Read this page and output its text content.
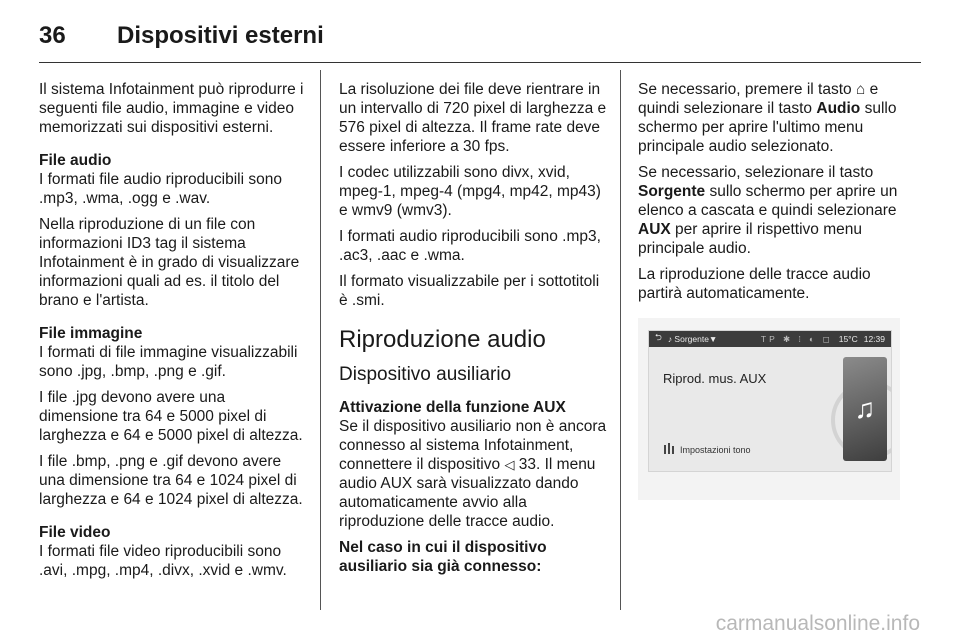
36	Dispositivi esterni

Il sistema Infotainment può riprodurre i seguenti file audio, immagine e video memorizzati sui dispositivi esterni.

File audio
I formati file audio riproducibili sono .mp3, .wma, .ogg e .wav.

Nella riproduzione di un file con informazioni ID3 tag il sistema Infotainment è in grado di visualizzare informazioni quali ad es. il titolo del brano e l'artista.

File immagine
I formati di file immagine visualizzabili sono .jpg, .bmp, .png e .gif.

I file .jpg devono avere una dimensione tra 64 e 5000 pixel di larghezza e 64 e 5000 pixel di altezza.

I file .bmp, .png e .gif devono avere una dimensione tra 64 e 1024 pixel di larghezza e 64 e 1024 pixel di altezza.

File video
I formati file video riproducibili sono .avi, .mpg, .mp4, .divx, .xvid e .wmv.

La risoluzione dei file deve rientrare in un intervallo di 720 pixel di larghezza e 576 pixel di altezza. Il frame rate deve essere inferiore a 30 fps.

I codec utilizzabili sono divx, xvid, mpeg-1, mpeg-4 (mpg4, mp42, mp43) e wmv9 (wmv3).

I formati audio riproducibili sono .mp3, .ac3, .aac e .wma.

Il formato visualizzabile per i sottotitoli è .smi.

Riproduzione audio
Dispositivo ausiliario

Attivazione della funzione AUX
Se il dispositivo ausiliario non è ancora connesso al sistema Infotainment, connettere il dispositivo ◁ 33. Il menu audio AUX sarà visualizzato dando automaticamente avvio alla riproduzione delle tracce audio.

Nel caso in cui il dispositivo ausiliario sia già connesso:

Se necessario, premere il tasto ⌂ e quindi selezionare il tasto Audio sullo schermo per aprire l'ultimo menu principale audio selezionato.

Se necessario, selezionare il tasto Sorgente sullo schermo per aprire un elenco a cascata e quindi selezionare AUX per aprire il rispettivo menu principale audio.

La riproduzione delle tracce audio partirà automaticamente.

⮌ ♪ Sorgente▼	TP ✱ ⁞ ◐ ◻ 15°C 12:39
Riprod. mus. AUX
Impostazioni tono
♫
carmanualsonline.info
